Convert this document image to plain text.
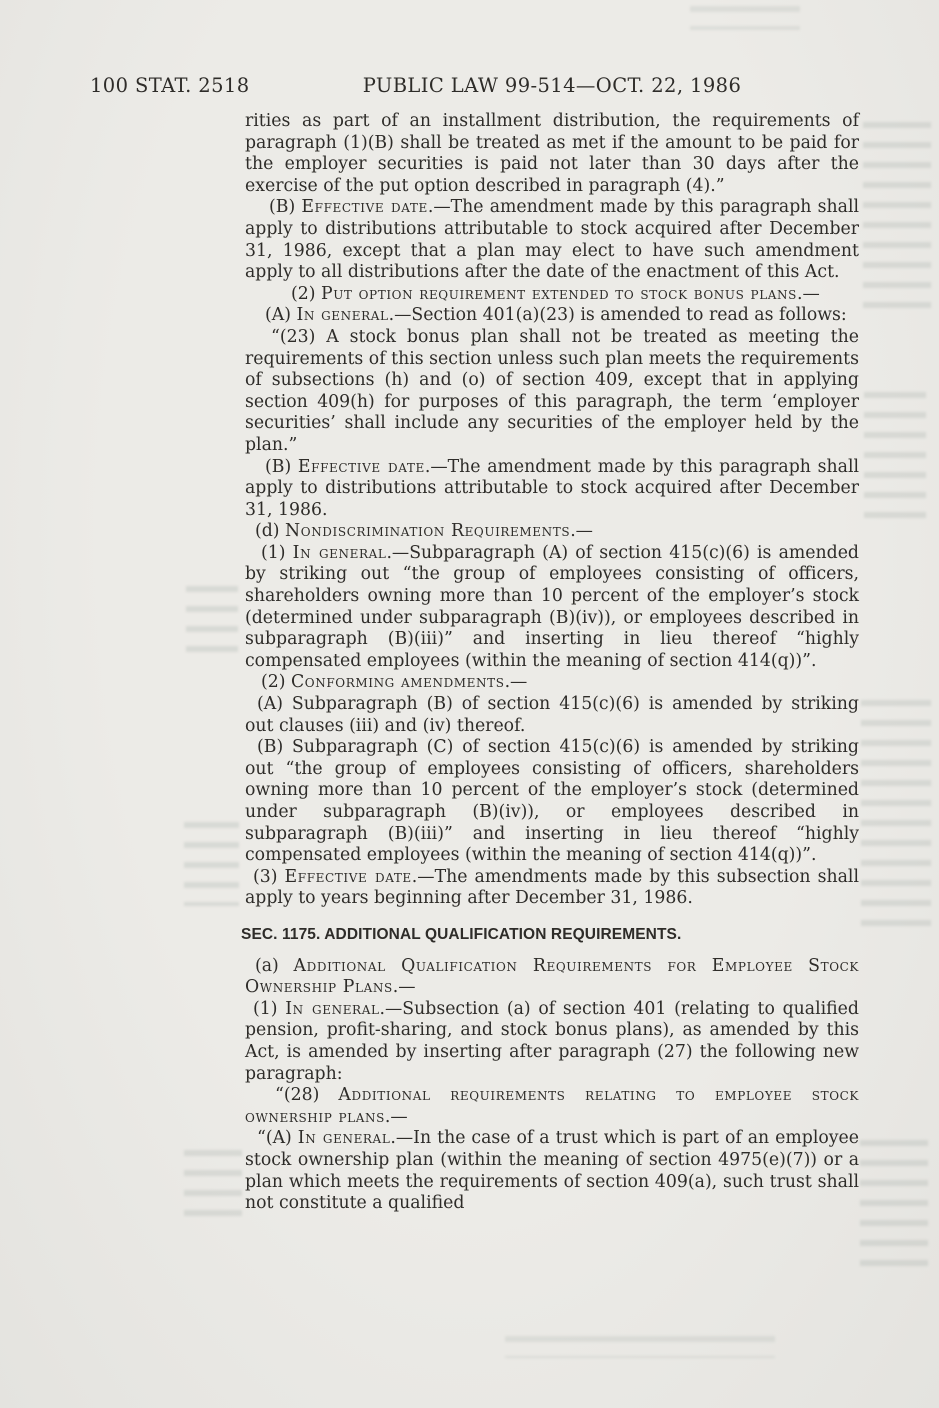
100 STAT. 2518	PUBLIC LAW 99-514—OCT. 22, 1986

rities as part of an installment distribution, the requirements of paragraph (1)(B) shall be treated as met if the amount to be paid for the employer securities is paid not later than 30 days after the exercise of the put option described in paragraph (4).”

(B) Effective date.—The amendment made by this paragraph shall apply to distributions attributable to stock acquired after December 31, 1986, except that a plan may elect to have such amendment apply to all distributions after the date of the enactment of this Act.

(2) Put option requirement extended to stock bonus plans.—

(A) In general.—Section 401(a)(23) is amended to read as follows:

“(23) A stock bonus plan shall not be treated as meeting the requirements of this section unless such plan meets the requirements of subsections (h) and (o) of section 409, except that in applying section 409(h) for purposes of this paragraph, the term ‘employer securities’ shall include any securities of the employer held by the plan.”

(B) Effective date.—The amendment made by this paragraph shall apply to distributions attributable to stock acquired after December 31, 1986.

(d) Nondiscrimination Requirements.—

(1) In general.—Subparagraph (A) of section 415(c)(6) is amended by striking out “the group of employees consisting of officers, shareholders owning more than 10 percent of the employer’s stock (determined under subparagraph (B)(iv)), or employees described in subparagraph (B)(iii)” and inserting in lieu thereof “highly compensated employees (within the meaning of section 414(q))”.

(2) Conforming amendments.—

(A) Subparagraph (B) of section 415(c)(6) is amended by striking out clauses (iii) and (iv) thereof.

(B) Subparagraph (C) of section 415(c)(6) is amended by striking out “the group of employees consisting of officers, shareholders owning more than 10 percent of the employer’s stock (determined under subparagraph (B)(iv)), or employees described in subparagraph (B)(iii)” and inserting in lieu thereof “highly compensated employees (within the meaning of section 414(q))”.

(3) Effective date.—The amendments made by this subsection shall apply to years beginning after December 31, 1986.

SEC. 1175. ADDITIONAL QUALIFICATION REQUIREMENTS.

(a) Additional Qualification Requirements for Employee Stock Ownership Plans.—

(1) In general.—Subsection (a) of section 401 (relating to qualified pension, profit-sharing, and stock bonus plans), as amended by this Act, is amended by inserting after paragraph (27) the following new paragraph:

“(28) Additional requirements relating to employee stock ownership plans.—

“(A) In general.—In the case of a trust which is part of an employee stock ownership plan (within the meaning of section 4975(e)(7)) or a plan which meets the requirements of section 409(a), such trust shall not constitute a qualified
